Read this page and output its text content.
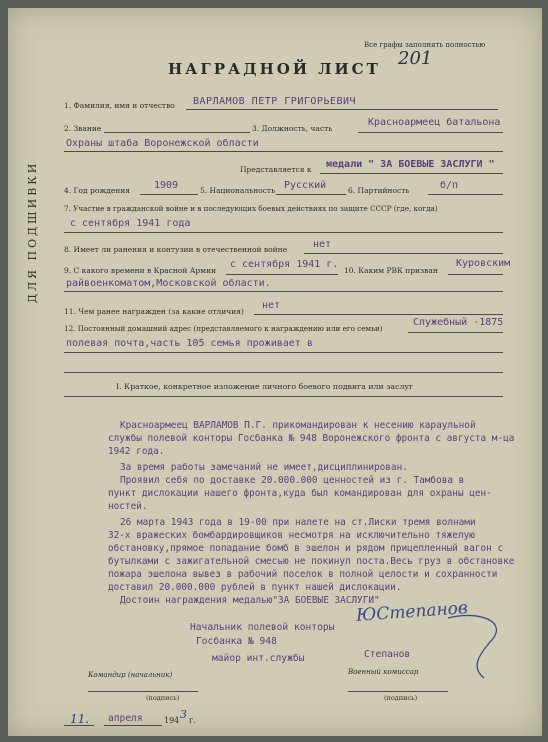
Все графы заполнять полностью
201
НАГРАДНОЙ ЛИСТ
ДЛЯ ПОДШИВКИ
1. Фамилия, имя и отчество ВАРЛАМОВ ПЕТР ГРИГОРЬЕВИЧ
2. Звание	3. Должность, часть
Красноармеец батальона
Охраны штаба Воронежской области
Представляется к медали " ЗА БОЕВЫЕ ЗАСЛУГИ "
4. Год рождения 1909	5. Национальность Русский	6. Партийность	б/п
7. Участие в гражданской войне и в последующих боевых действиях по защите СССР (где, когда)
с сентября 1941 года
8. Имеет ли ранения и контузии в отечественной войне	нет
9. С какого времени в Красной Армии
с сентября 1941 г.
10. Каким РВК призван
Куровским
райвоенкоматом,Московской области.
11. Чем ранее награжден (за какие отличия)
нет
12. Постоянный домашний адрес (представляемого к награждению или его семьи)
Служебный -1875
полевая почта,часть 105 семья проживает в
I. Краткое, конкретное изложение личного боевого подвига или заслуг
Красноармеец ВАРЛАМОВ П.Г. прикомандирован к несению караульной
службы полевой конторы Госбанка № 948 Воронежского фронта с августа м-ца
1942 года.
За время работы замечаний не имеет,дисциплинирован.
Проявил себя по доставке 20.000.000 ценностей из г. Тамбова в
пункт дислокации нашего фронта,куда был командирован для охраны цен-
ностей.
26 марта 1943 года в 19-00 при налете на ст.Лиски тремя волнами
32-х вражеских бомбардировщиков несмотря на исключительно тяжелую
обстановку,прямое попадание бомб в эшелон и рядом прицепленный вагон с
бутылками с зажигательной смесью не покинул поста.Весь груз в обстановке
пожара эшелона вывез в рабочий поселок в полной целости и сохранности
доставил 20.000.000 рублей в пункт нашей дислокации.
Достоин награждения медалью"ЗА БОЕВЫЕ ЗАСЛУГИ"
Начальник полевой конторы
Госбанка № 948
майор инт.службы	Степанов
ЮСтепанов
Командир (начальник)	Военный комиссар
(подпись)	(подпись)
11. апреля	194 3 г.
